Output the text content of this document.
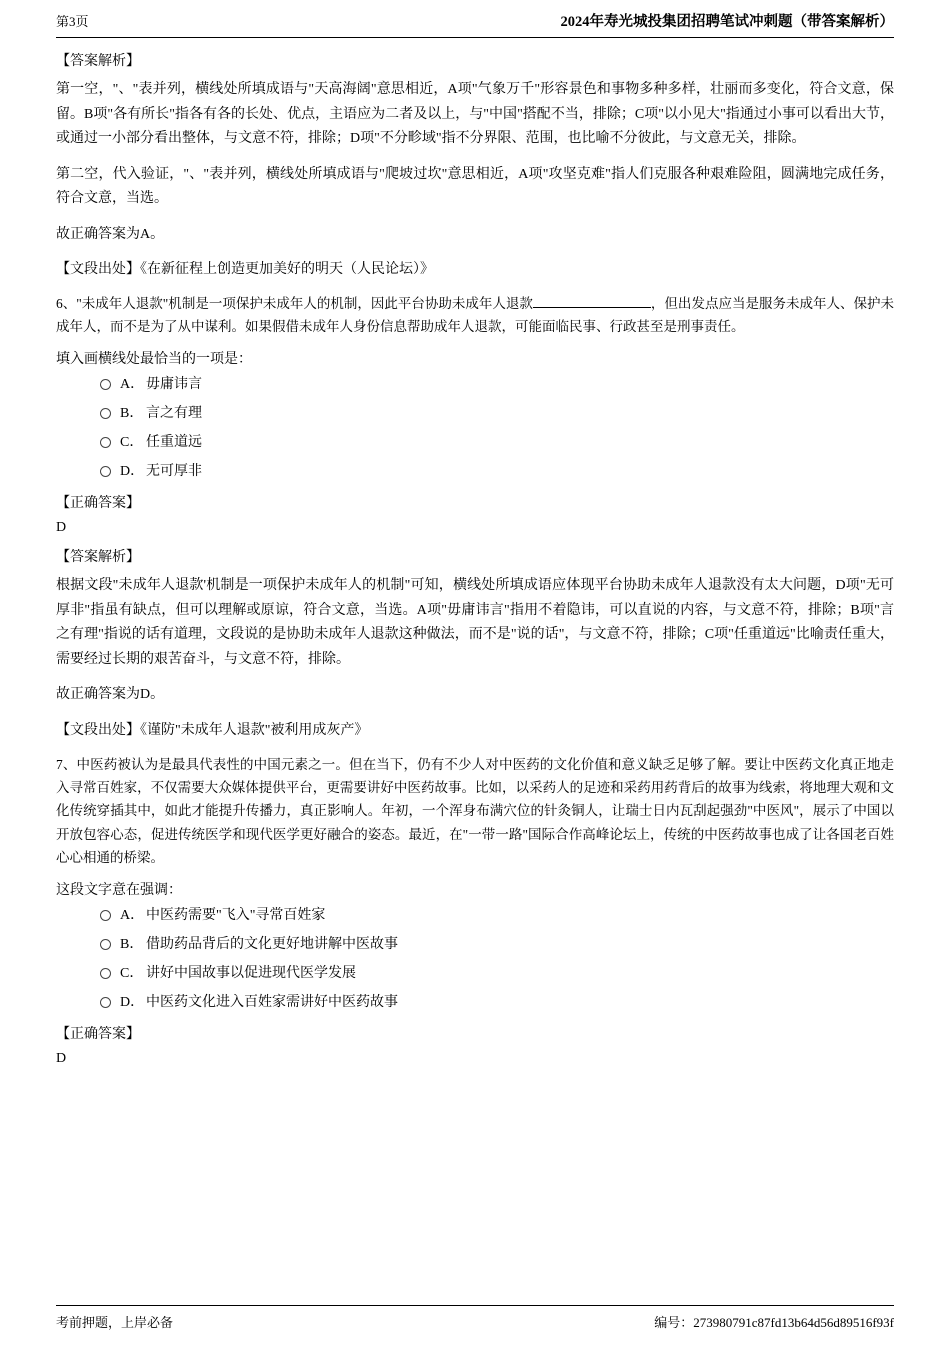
第3页	2024年寿光城投集团招聘笔试冲刺题（带答案解析）
【答案解析】
第一空，"、"表并列，横线处所填成语与"天高海阔"意思相近，A项"气象万千"形容景色和事物多种多样，壮丽而多变化，符合文意，保留。B项"各有所长"指各有各的长处、优点，主语应为二者及以上，与"中国"搭配不当，排除；C项"以小见大"指通过小事可以看出大节，或通过一小部分看出整体，与文意不符，排除；D项"不分畛域"指不分界限、范围，也比喻不分彼此，与文意无关，排除。
第二空，代入验证，"、"表并列，横线处所填成语与"爬坡过坎"意思相近，A项"攻坚克难"指人们克服各种艰难险阻，圆满地完成任务，符合文意，当选。
故正确答案为A。
【文段出处】《在新征程上创造更加美好的明天（人民论坛）》
6、"未成年人退款"机制是一项保护未成年人的机制，因此平台协助未成年人退款	，但出发点应当是服务未成年人、保护未成年人，而不是为了从中谋利。如果假借未成年人身份信息帮助成年人退款，可能面临民事、行政甚至是刑事责任。
填入画横线处最恰当的一项是：
A． 毋庸讳言
B． 言之有理
C． 任重道远
D． 无可厚非
【正确答案】
D
【答案解析】
根据文段"未成年人退款'机制是一项保护未成年人的机制"可知，横线处所填成语应体现平台协助未成年人退款没有太大问题，D项"无可厚非"指虽有缺点，但可以理解或原谅，符合文意，当选。A项"毋庸讳言"指用不着隐讳，可以直说的内容，与文意不符，排除；B项"言之有理"指说的话有道理，文段说的是协助未成年人退款这种做法，而不是"说的话"，与文意不符，排除；C项"任重道远"比喻责任重大，需要经过长期的艰苦奋斗，与文意不符，排除。
故正确答案为D。
【文段出处】《谨防"未成年人退款"被利用成灰产》
7、中医药被认为是最具代表性的中国元素之一。但在当下，仍有不少人对中医药的文化价值和意义缺乏足够了解。要让中医药文化真正地走入寻常百姓家，不仅需要大众媒体提供平台，更需要讲好中医药故事。比如，以采药人的足迹和采药用药背后的故事为线索，将地理大观和文化传统穿插其中，如此才能提升传播力，真正影响人。年初，一个浑身布满穴位的针灸铜人，让瑞士日内瓦刮起强劲"中医风"，展示了中国以开放包容心态，促进传统医学和现代医学更好融合的姿态。最近，在"一带一路"国际合作高峰论坛上，传统的中医药故事也成了让各国老百姓心心相通的桥梁。
这段文字意在强调：
A． 中医药需要"飞入"寻常百姓家
B． 借助药品背后的文化更好地讲解中医故事
C． 讲好中国故事以促进现代医学发展
D． 中医药文化进入百姓家需讲好中医药故事
【正确答案】
D
考前押题，上岸必备	编号：273980791c87fd13b64d56d89516f93f
